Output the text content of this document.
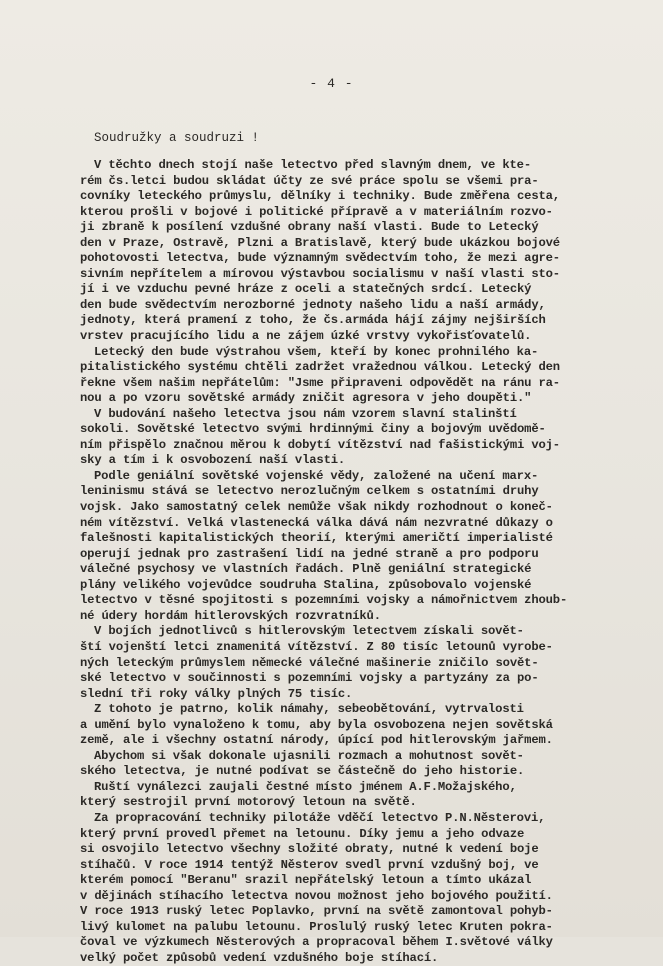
- 4 -
Soudružky a soudruzi !
V těchto dnech stojí naše letectvo před slavným dnem, ve kte-
rém čs.letci budou skládat účty ze své práce spolu se všemi pra-
covníky leteckého průmyslu, dělníky i techniky. Bude změřena cesta,
kterou prošli v bojové i politické přípravě a v materiálním rozvo-
ji zbraně k posílení vzdušné obrany naší vlasti. Bude to Letecký
den v Praze, Ostravě, Plzni a Bratislavě, který bude ukázkou bojové
pohotovosti letectva, bude významným svědectvím toho, že mezi agre-
sivním nepřítelem a mírovou výstavbou socialismu v naší vlasti sto-
jí i ve vzduchu pevné hráze z oceli a statečných srdcí. Letecký
den bude svědectvím nerozborné jednoty našeho lidu a naší armády,
jednoty, která pramení z toho, že čs.armáda hájí zájmy nejširších
vrstev pracujícího lidu a ne zájem úzké vrstvy vykořisťovatelů.
Letecký den bude výstrahou všem, kteří by konec prohnilého ka-
pitalistického systému chtěli zadržet vražednou válkou. Letecký den
řekne všem našim nepřátelům: "Jsme připraveni odpovědět na ránu ra-
nou a po vzoru sovětské armády zničit agresora v jeho doupěti."
V budování našeho letectva jsou nám vzorem slavní stalinští
sokoli. Sovětské letectvo svými hrdinnými činy a bojovým uvědomě-
ním přispělo značnou měrou k dobytí vítězství nad fašistickými voj-
sky a tím i k osvobození naší vlasti.
Podle geniální sovětské vojenské vědy, založené na učení marx-
leninismu stává se letectvo nerozlučným celkem s ostatními druhy
vojsk. Jako samostatný celek nemůže však nikdy rozhodnout o koneč-
ném vítězství. Velká vlastenecká válka dává nám nezvratné důkazy o
falešnosti kapitalistických theorií, kterými američtí imperialisté
operují jednak pro zastrašení lidí na jedné straně a pro podporu
válečné psychosy ve vlastních řadách. Plně geniální strategické
plány velikého vojevůdce soudruha Stalina, způsobovalo vojenské
letectvo v těsné spojitosti s pozemními vojsky a námořnictvem zhoub-
né údery hordám hitlerovských rozvratníků.
V bojích jednotlivců s hitlerovským letectvem získali sovět-
ští vojenští letci znamenitá vítězství. Z 80 tisíc letounů vyrobe-
ných leteckým průmyslem německé válečné mašinerie zničilo sovět-
ské letectvo v součinnosti s pozemními vojsky a partyzány za po-
slední tři roky války plných 75 tisíc.
Z tohoto je patrno, kolik námahy, sebeobětování, vytrvalosti
a umění bylo vynaloženo k tomu, aby byla osvobozena nejen sovětská
země, ale i všechny ostatní národy, úpící pod hitlerovským jařmem.
Abychom si však dokonale ujasnili rozmach a mohutnost sovět-
ského letectva, je nutné podívat se částečně do jeho historie.
Ruští vynálezci zaujali čestné místo jménem A.F.Možajského,
který sestrojil první motorový letoun na světě.
Za propracování techniky pilotáže vděčí letectvo P.N.Něsterovi,
který první provedl přemet na letounu. Díky jemu a jeho odvaze
si osvojilo letectvo všechny složité obraty, nutné k vedení boje
stíhačů. V roce 1914 tentýž Něsterov svedl první vzdušný boj, ve
kterém pomocí "Beranu" srazil nepřátelský letoun a tímto ukázal
v dějinách stíhacího letectva novou možnost jeho bojového použití.
V roce 1913 ruský letec Poplavko, první na světě zamontoval pohyb-
livý kulomet na palubu letounu. Proslulý ruský letec Kruten pokra-
čoval ve výzkumech Něsterových a propracoval během I.světové války
velký počet způsobů vedení vzdušného boje stíhací.
